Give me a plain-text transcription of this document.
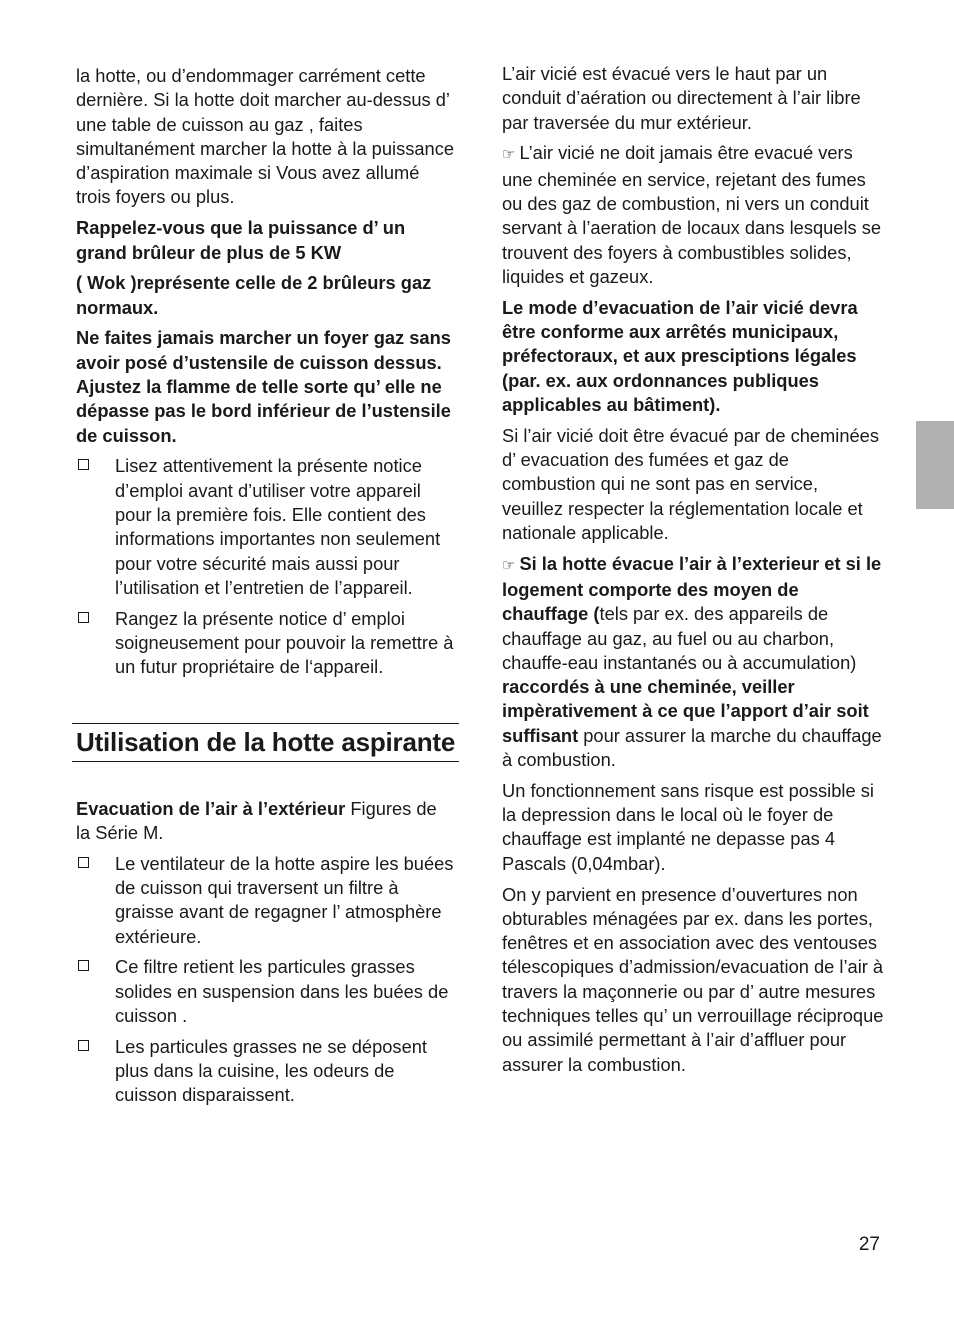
la hotte, ou d’endommager carrément cette dernière. Si la hotte doit marcher au-dessus d’ une table de cuisson au gaz , faites simultanément marcher la hotte à la puissance d’aspiration maximale si Vous avez allumé trois foyers ou plus.

Rappelez-vous que la puissance d’ un grand brûleur de plus de 5 KW

( Wok )représente celle de 2 brûleurs gaz normaux.

Ne faites jamais marcher un foyer gaz sans avoir posé d’ustensile de cuisson dessus. Ajustez la flamme de telle sorte qu’ elle ne dépasse pas le bord inférieur de l’ustensile de cuisson.

Lisez attentivement la présente notice d’emploi avant d’utiliser votre appareil pour la première fois. Elle contient des informations importantes non seulement pour votre sécurité mais aussi pour l’utilisation et l’entretien de l’appareil.
Rangez la présente notice d’ emploi soigneusement pour pouvoir la remettre à un futur propriétaire de l‘appareil.
Utilisation de la hotte aspirante

Evacuation de l’air à l’extérieur Figures de la Série M.

Le ventilateur de la hotte aspire les buées de cuisson qui traversent un filtre à graisse avant de regagner l’ atmosphère extérieure.
Ce filtre retient les particules grasses solides en suspension dans les buées de cuisson .
Les particules grasses ne se déposent plus dans la cuisine, les odeurs de cuisson disparaissent.

L’air vicié est évacué vers le haut par un conduit d’aération ou directement à l’air libre par traversée du mur extérieur.

☞ L’air vicié ne doit jamais être evacué vers une cheminée en service, rejetant des fumes ou des gaz de combustion, ni vers un conduit servant à l’aeration de locaux dans lesquels se trouvent des foyers à combustibles solides, liquides et gazeux.

Le mode d’evacuation de l’air vicié devra être conforme aux arrêtés municipaux, préfectoraux, et aux presciptions légales (par. ex. aux ordonnances publiques applicables au bâtiment).

Si l’air vicié doit être évacué par de cheminées d’ evacuation des fumées et gaz de combustion qui ne sont pas en service, veuillez respecter la réglementation locale et nationale applicable.

☞ Si la hotte évacue l’air à l’exterieur et si le logement comporte des moyen de chauffage (tels par ex. des appareils de chauffage au gaz, au fuel ou au charbon, chauffe-eau instantanés ou à accumulation) raccordés à une cheminée, veiller impèrativement à ce que l’apport d’air soit suffisant pour assurer la marche du chauffage à combustion.

Un fonctionnement sans risque est possible si la depression dans le local où le foyer de chauffage est implanté ne depasse pas 4 Pascals (0,04mbar).

On y parvient en presence d’ouvertures non obturables ménagées par ex. dans les portes, fenêtres et en association avec des ventouses télescopiques d’admission/evacuation de l’air à travers la maçonnerie ou par d’ autre mesures techniques telles qu’ un verrouillage réciproque ou assimilé permettant à l’air d’affluer pour assurer la combustion.

27
